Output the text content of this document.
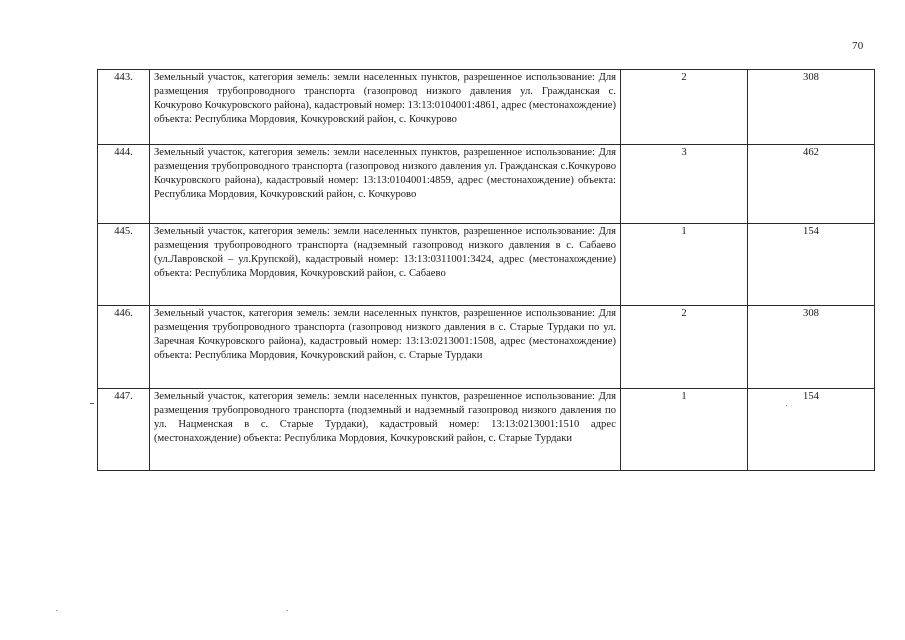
70
443.	Земельный участок, категория земель: земли населенных пунктов, разрешенное использование: Для размещения трубопроводного транспорта (газопровод низкого давления ул. Гражданская с. Кочкурово Кочкуровского района), кадастровый номер: 13:13:0104001:4861, адрес (местонахождение) объекта: Республика Мордовия, Кочкуровский район, с. Кочкурово	2	308
444.	Земельный участок, категория земель: земли населенных пунктов, разрешенное использование: Для размещения трубопроводного транспорта (газопровод низкого давления ул. Гражданская с.Кочкурово Кочкуровского района), кадастровый номер: 13:13:0104001:4859, адрес (местонахождение) объекта: Республика Мордовия, Кочкуровский район, с. Кочкурово	3	462
445.	Земельный участок, категория земель: земли населенных пунктов, разрешенное использование: Для размещения трубопроводного транспорта (надземный газопровод низкого давления в с. Сабаево (ул.Лавровской – ул.Крупской), кадастровый номер: 13:13:0311001:3424, адрес (местонахождение) объекта: Республика Мордовия, Кочкуровский район, с. Сабаево	1	154
446.	Земельный участок, категория земель: земли населенных пунктов, разрешенное использование: Для размещения трубопроводного транспорта (газопровод низкого давления в с. Старые Турдаки по ул. Заречная Кочкуровского района), кадастровый номер: 13:13:0213001:1508, адрес (местонахождение) объекта: Республика Мордовия, Кочкуровский район, с. Старые Турдаки	2	308
447.	Земельный участок, категория земель: земли населенных пунктов, разрешенное использование: Для размещения трубопроводного транспорта (подземный и надземный газопровод низкого давления по ул. Нацменская в с. Старые Турдаки), кадастровый номер: 13:13:0213001:1510 адрес (местонахождение) объекта: Республика Мордовия, Кочкуровский район, с. Старые Турдаки	1	154
